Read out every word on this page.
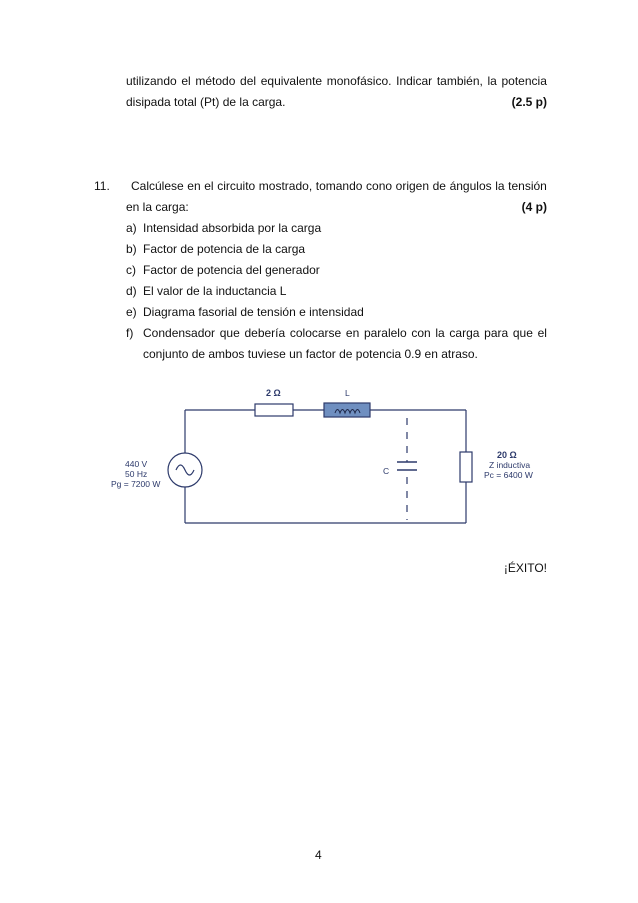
utilizando el método del equivalente monofásico. Indicar también, la potencia
disipada total (Pt) de la carga.	(2.5 p)
11. Calcúlese en el circuito mostrado, tomando cono origen de ángulos la tensión
en la carga:	(4 p)
a) Intensidad absorbida por la carga
b) Factor de potencia de la carga
c) Factor de potencia del generador
d) El valor de la inductancia L
e) Diagrama fasorial de tensión e intensidad
f) Condensador que debería colocarse en paralelo con la carga para que el
conjunto de ambos tuviese un factor de potencia 0.9 en atraso.
2 Ω	L
C
440 V
50 Hz
Pg = 7200 W
20 Ω
Z inductiva
Pc = 6400 W
¡ÉXITO!
4
